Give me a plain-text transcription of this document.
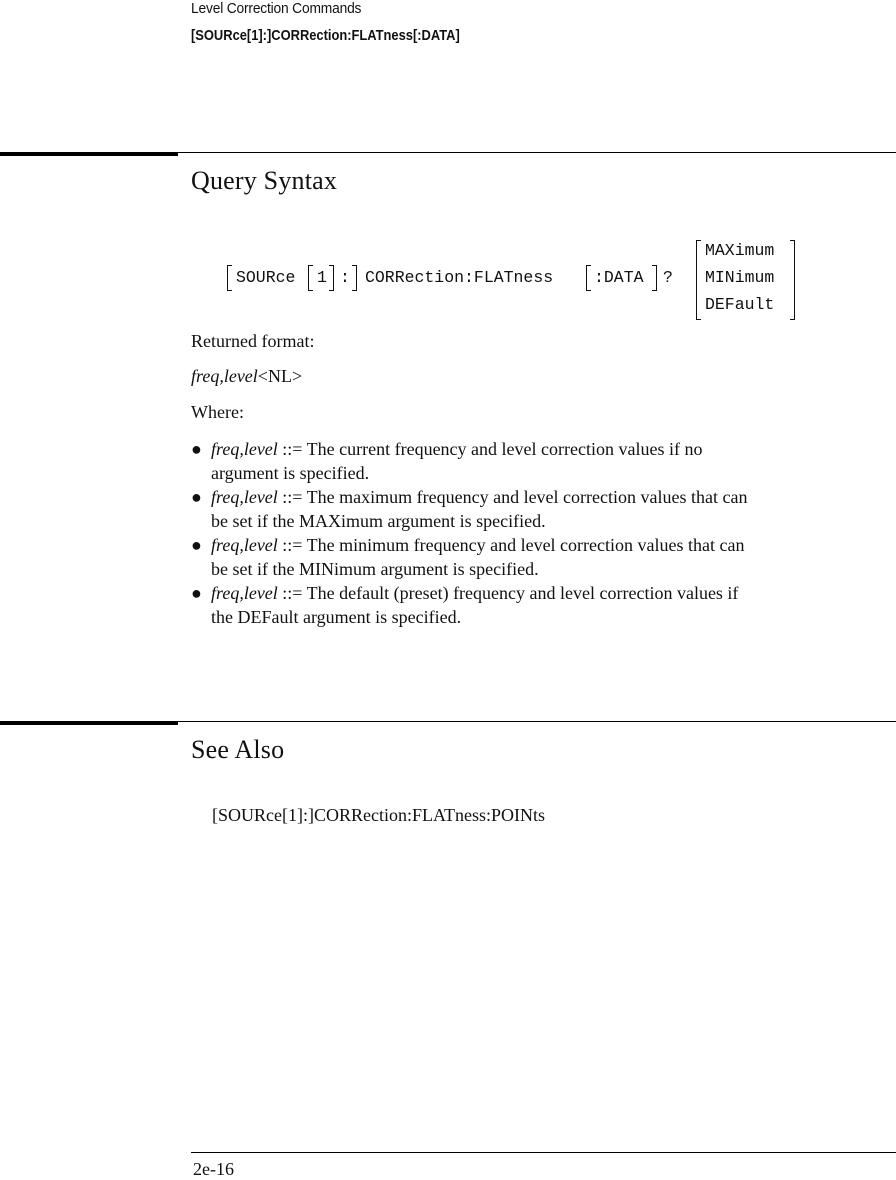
Level Correction Commands
[SOURce[1]:]CORRection:FLATness[:DATA]
Query Syntax
SOURce 1 : CORRection:FLATness :DATA ?
MAXimum
MINimum
DEFault
Returned format:
freq,level<NL>
Where:
● freq,level ::= The current frequency and level correction values if no
argument is specified.
● freq,level ::= The maximum frequency and level correction values that can
be set if the MAXimum argument is specified.
● freq,level ::= The minimum frequency and level correction values that can
be set if the MINimum argument is specified.
● freq,level ::= The default (preset) frequency and level correction values if
the DEFault argument is specified.
See Also
[SOURce[1]:]CORRection:FLATness:POINts
2e-16
